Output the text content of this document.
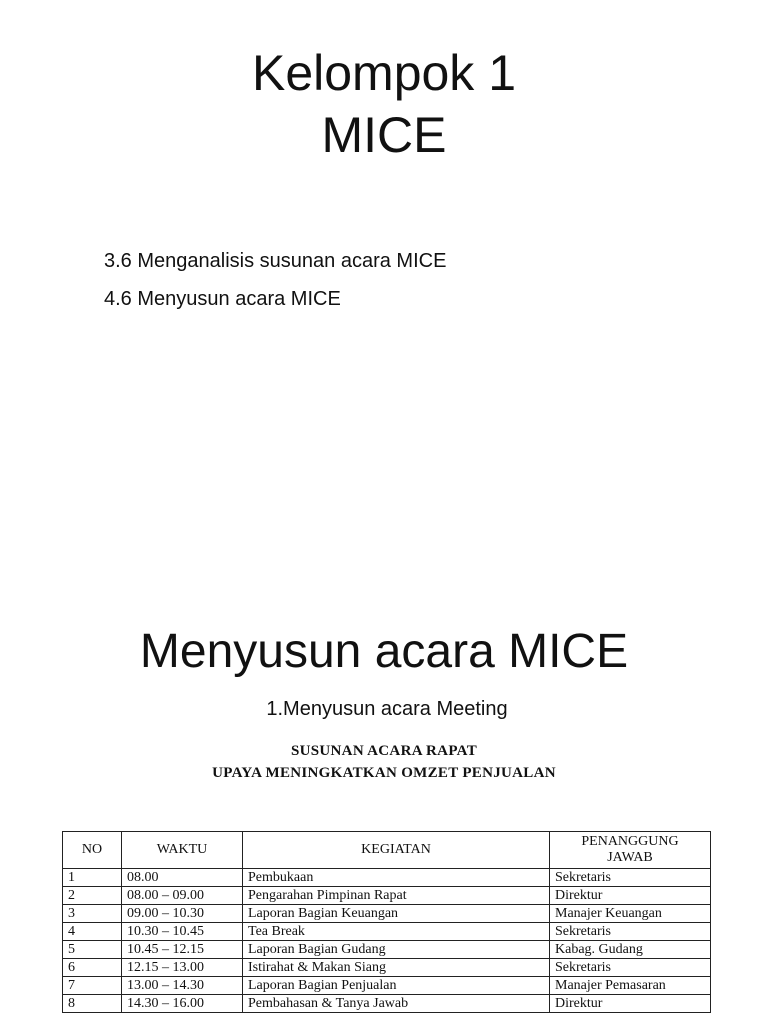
Kelompok 1
MICE
3.6 Menganalisis susunan acara MICE
4.6 Menyusun acara MICE
Menyusun acara MICE
1.Menyusun acara Meeting
SUSUNAN ACARA RAPAT
UPAYA MENINGKATKAN OMZET PENJUALAN
NO	WAKTU	KEGIATAN	PENANGGUNG
JAWAB
1	08.00	Pembukaan	Sekretaris
2	08.00 – 09.00	Pengarahan Pimpinan Rapat	Direktur
3	09.00 – 10.30	Laporan Bagian Keuangan	Manajer Keuangan
4	10.30 – 10.45	Tea Break	Sekretaris
5	10.45 – 12.15	Laporan Bagian Gudang	Kabag. Gudang
6	12.15 – 13.00	Istirahat & Makan Siang	Sekretaris
7	13.00 – 14.30	Laporan Bagian Penjualan	Manajer Pemasaran
8	14.30 – 16.00	Pembahasan & Tanya Jawab	Direktur
